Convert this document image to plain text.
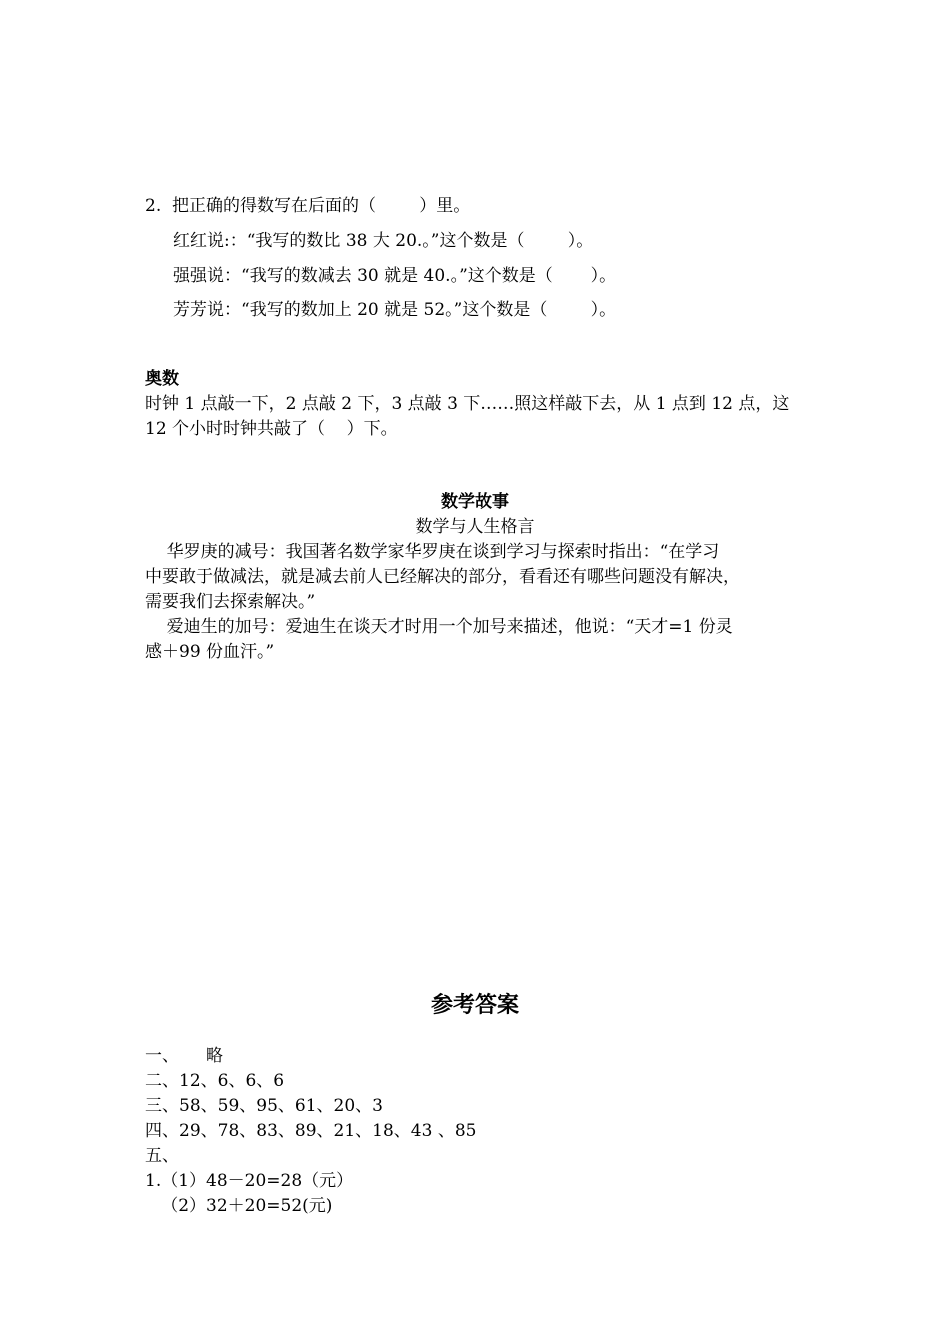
2.  把正确的得数写在后面的（        ）里。
红红说:：“我写的数比 38 大 20.。”这个数是（        ）。
强强说：“我写的数减去 30 就是 40.。”这个数是（       ）。
芳芳说：“我写的数加上 20 就是 52。”这个数是（        ）。
奥数
时钟 1 点敲一下，2 点敲 2 下，3 点敲 3 下……照这样敲下去，从 1 点到 12 点，这
12 个小时时钟共敲了（    ）下。
数学故事
数学与人生格言
华罗庚的减号：我国著名数学家华罗庚在谈到学习与探索时指出：“在学习
中要敢于做减法，就是减去前人已经解决的部分，看看还有哪些问题没有解决，
需要我们去探索解决。”
爱迪生的加号：爱迪生在谈天才时用一个加号来描述，他说：“天才=1 份灵
感＋99 份血汗。”
参考答案
一、     略
二、12、6、6、6
三、58、59、95、61、20、3
四、29、78、83、89、21、18、43 、85
五、
1.（1）48－20=28（元）
（2）32＋20=52(元)
